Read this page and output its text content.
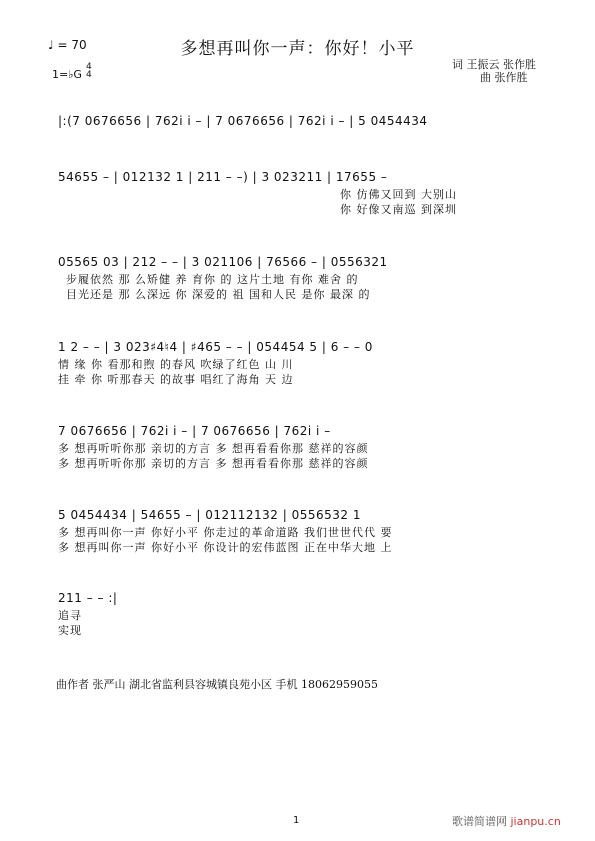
多想再叫你一声：你好！小平
♩ = 70
1=♭G
4
4
词 王振云 张作胜
曲 张作胜
|:(7 0676656 | 762i i – | 7 0676656 | 762i i – | 5 0454434
54655 – | 012132 1 | 211 – –) | 3 023211 | 17655 –
你 仿佛又回到 大别山
你 好像又南巡 到深圳
05565 03 | 212 – – | 3 021106 | 76566 – | 0556321
步履依然 那 么矫健 养 育你 的 这片土地 有你 难舍 的
目光还是 那 么深远 你 深爱的 祖 国和人民 是你 最深 的
1 2 – – | 3 023♯4♮4 | ♯465 – – | 054454 5 | 6 – – 0
情 缘 你 看那和煦 的春风 吹绿了红色 山 川
挂 牵 你 听那春天 的故事 唱红了海角 天 边
7 0676656 | 762i i – | 7 0676656 | 762i i –
多 想再听听你那 亲切的方言 多 想再看看你那 慈祥的容颜
多 想再听听你那 亲切的方言 多 想再看看你那 慈祥的容颜
5 0454434 | 54655 – | 012112132 | 0556532 1
多 想再叫你一声 你好小平 你走过的革命道路 我们世世代代 要
多 想再叫你一声 你好小平 你设计的宏伟蓝图 正在中华大地 上
211 – – :|
追寻
实现
曲作者 张严山 湖北省监利县容城镇良苑小区 手机 18062959055
1	歌谱简谱网 jianpu.cn
